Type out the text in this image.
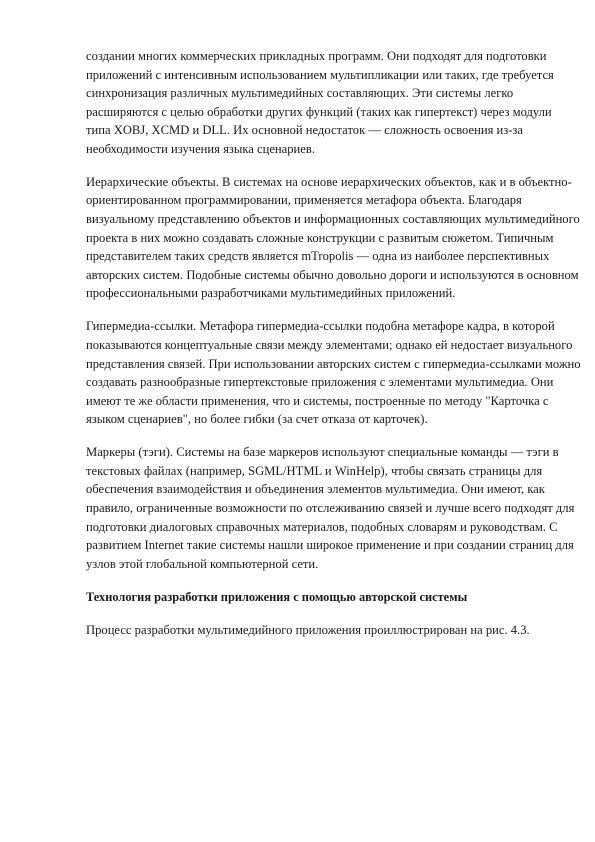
создании многих коммерческих прикладных программ. Они подходят для подготовки
приложений с интенсивным использованием мультипликации или таких, где требуется
синхронизация различных мультимедийных составляющих. Эти системы легко
расширяются с целью обработки других функций (таких как гипертекст) через модули
типа XOBJ, XCMD и DLL. Их основной недостаток — сложность освоения из-за
необходимости изучения языка сценариев.
Иерархические объекты. В системах на основе иерархических объектов, как и в объектно-
ориентированном программировании, применяется метафора объекта. Благодаря
визуальному представлению объектов и информационных составляющих мультимедийного
проекта в них можно создавать сложные конструкции с развитым сюжетом. Типичным
представителем таких средств является mTropolis — одна из наиболее перспективных
авторских систем. Подобные системы обычно довольно дороги и используются в основном
профессиональными разработчиками мультимедийных приложений.
Гипермедиа-ссылки. Метафора гипермедиа-ссылки подобна метафоре кадра, в которой
показываются концептуальные связи между элементами; однако ей недостает визуального
представления связей. При использовании авторских систем с гипермедиа-ссылками можно
создавать разнообразные гипертекстовые приложения с элементами мультимедиа. Они
имеют те же области применения, что и системы, построенные по методу "Карточка с
языком сценариев", но более гибки (за счет отказа от карточек).
Маркеры (тэги). Системы на базе маркеров используют специальные команды — тэги в
текстовых файлах (например, SGML/HTML и WinHelp), чтобы связать страницы для
обеспечения взаимодействия и объединения элементов мультимедиа. Они имеют, как
правило, ограниченные возможности по отслеживанию связей и лучше всего подходят для
подготовки диалоговых справочных материалов, подобных словарям и руководствам. С
развитием Internet такие системы нашли широкое применение и при создании страниц для
узлов этой глобальной компьютерной сети.
Технология разработки приложения с помощью авторской системы
Процесс разработки мультимедийного приложения проиллюстрирован на рис. 4.3.
